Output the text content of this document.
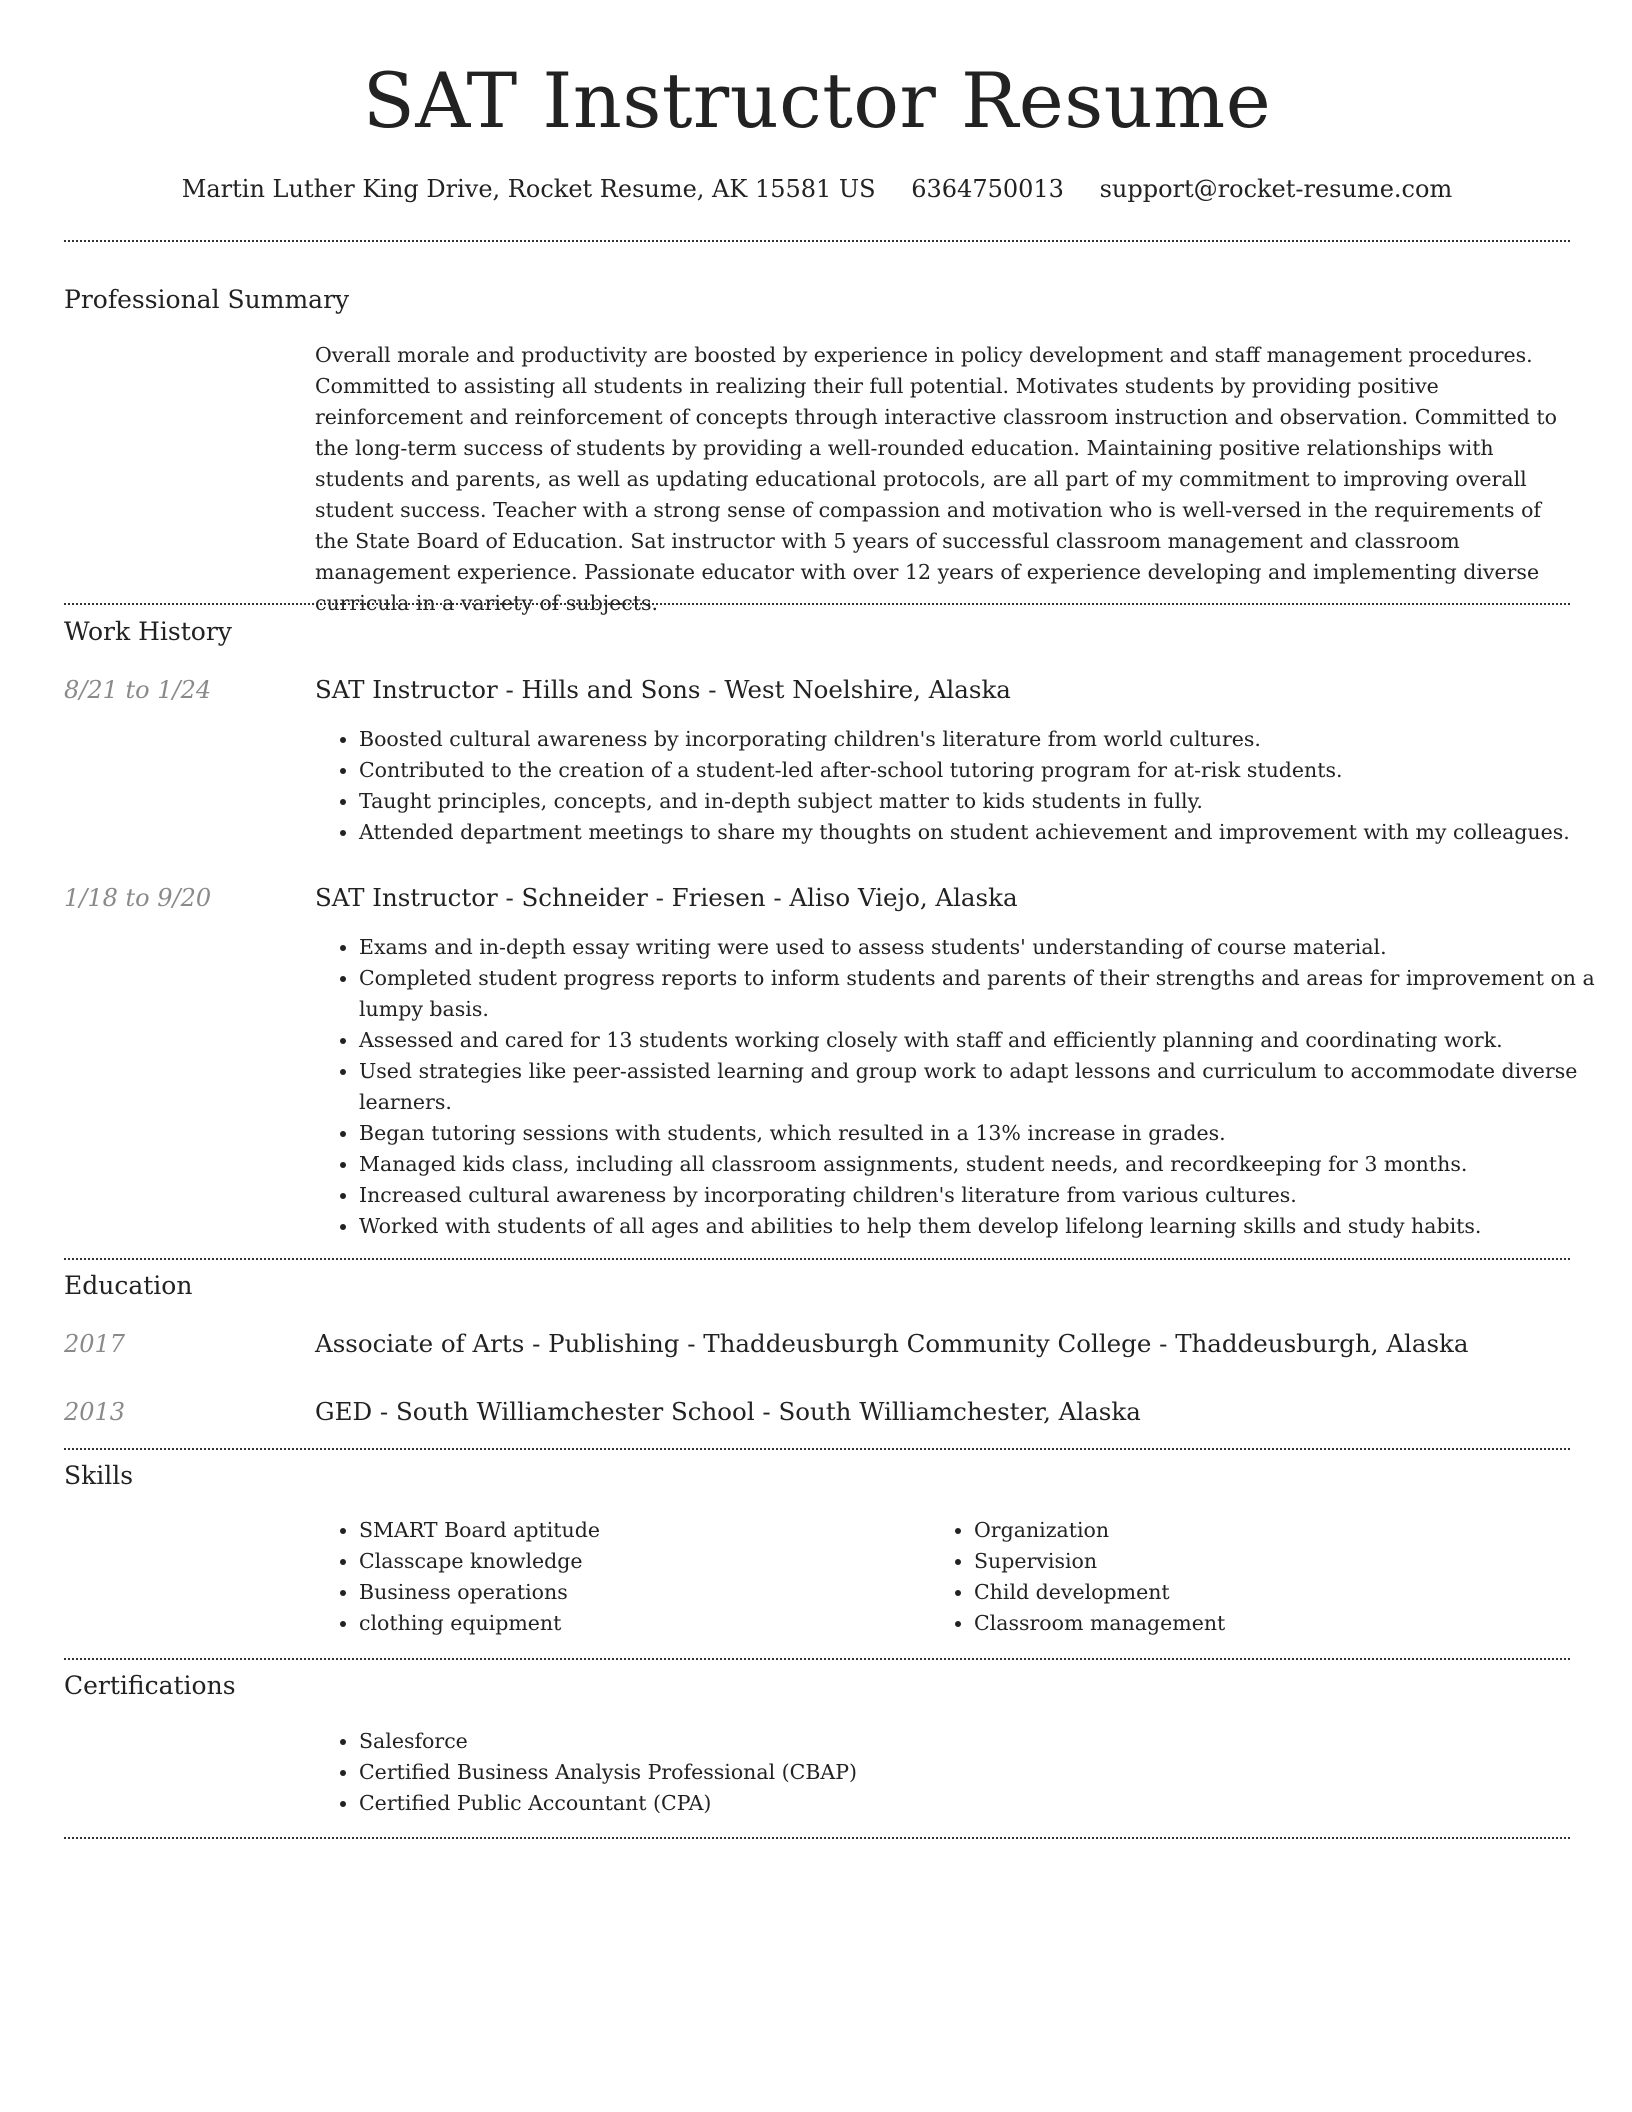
SAT Instructor Resume
Martin Luther King Drive, Rocket Resume, AK 15581 US 6364750013 support@rocket-resume.com
Professional Summary

Overall morale and productivity are boosted by experience in policy development and staff management procedures. Committed to assisting all students in realizing their full potential. Motivates students by providing positive reinforcement and reinforcement of concepts through interactive classroom instruction and observation. Committed to the long-term success of students by providing a well-rounded education. Maintaining positive relationships with students and parents, as well as updating educational protocols, are all part of my commitment to improving overall student success. Teacher with a strong sense of compassion and motivation who is well-versed in the requirements of the State Board of Education. Sat instructor with 5 years of successful classroom management and classroom management experience. Passionate educator with over 12 years of experience developing and implementing diverse curricula in a variety of subjects.

Work History
8/21 to 1/24	SAT Instructor - Hills and Sons - West Noelshire, Alaska
• Boosted cultural awareness by incorporating children's literature from world cultures.
• Contributed to the creation of a student-led after-school tutoring program for at-risk students.
• Taught principles, concepts, and in-depth subject matter to kids students in fully.
• Attended department meetings to share my thoughts on student achievement and improvement with my colleagues.
1/18 to 9/20	SAT Instructor - Schneider - Friesen - Aliso Viejo, Alaska
• Exams and in-depth essay writing were used to assess students' understanding of course material.
• Completed student progress reports to inform students and parents of their strengths and areas for improvement on a lumpy basis.
• Assessed and cared for 13 students working closely with staff and efficiently planning and coordinating work.
• Used strategies like peer-assisted learning and group work to adapt lessons and curriculum to accommodate diverse learners.
• Began tutoring sessions with students, which resulted in a 13% increase in grades.
• Managed kids class, including all classroom assignments, student needs, and recordkeeping for 3 months.
• Increased cultural awareness by incorporating children's literature from various cultures.
• Worked with students of all ages and abilities to help them develop lifelong learning skills and study habits.
Education
2017	Associate of Arts - Publishing - Thaddeusburgh Community College - Thaddeusburgh, Alaska
2013	GED - South Williamchester School - South Williamchester, Alaska
Skills
• SMART Board aptitude
• Classcape knowledge
• Business operations
• clothing equipment
• Organization
• Supervision
• Child development
• Classroom management
Certifications
• Salesforce
• Certified Business Analysis Professional (CBAP)
• Certified Public Accountant (CPA)
